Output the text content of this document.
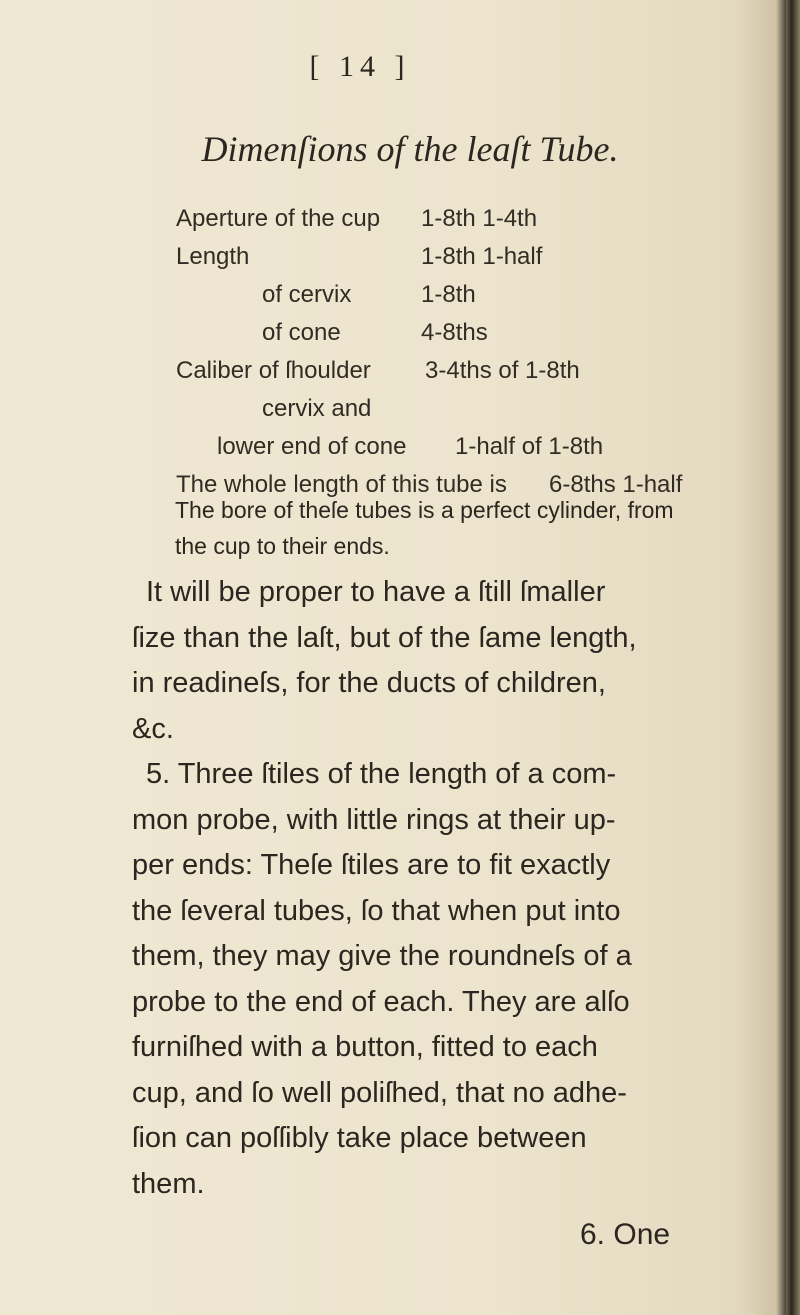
[ 14 ]
Dimenſions of the leaſt Tube.
Aperture of the cup 1-8th 1-4th
Length	1-8th 1-half
of cervix	1-8th
of cone	4-8ths
Caliber of ſhoulder 3-4ths of 1-8th
cervix and
lower end of cone 1-half of 1-8th
The whole length of this tube is 6-8ths 1-half
The bore of theſe tubes is a perfect cylinder, from
the cup to their ends.
It will be proper to have a ſtill ſmaller
ſize than the laſt, but of the ſame length,
in readineſs, for the ducts of children,
&c.
5. Three ſtiles of the length of a com-
mon probe, with little rings at their up-
per ends: Theſe ſtiles are to fit exactly
the ſeveral tubes, ſo that when put into
them, they may give the roundneſs of a
probe to the end of each. They are alſo
furniſhed with a button, fitted to each
cup, and ſo well poliſhed, that no adhe-
ſion can poſſibly take place between
them.
6. One
